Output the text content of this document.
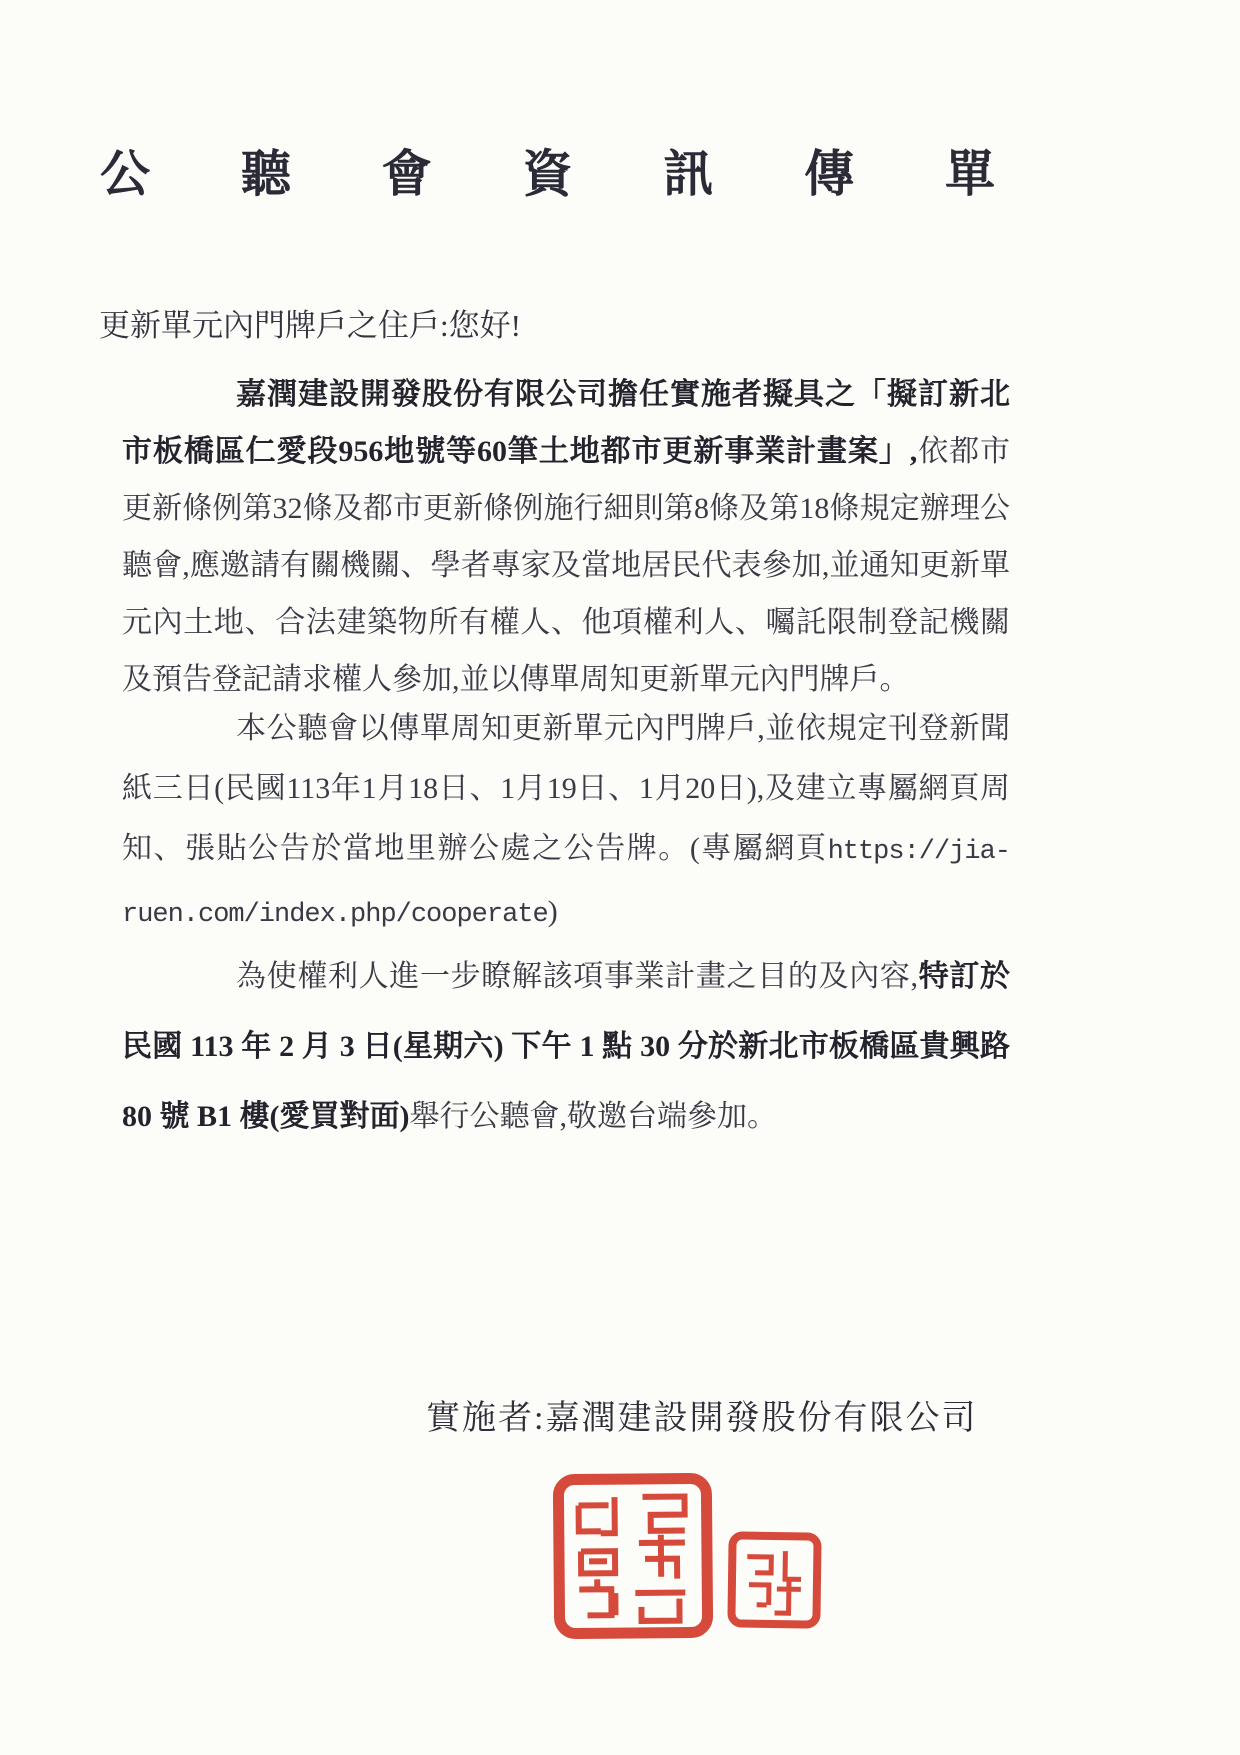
公 聽 會 資 訊 傳 單
更新單元內門牌戶之住戶:您好!

嘉潤建設開發股份有限公司擔任實施者擬具之「擬訂新北市板橋區仁愛段956地號等60筆土地都市更新事業計畫案」,依都市更新條例第32條及都市更新條例施行細則第8條及第18條規定辦理公聽會,應邀請有關機關、學者專家及當地居民代表參加,並通知更新單元內土地、合法建築物所有權人、他項權利人、囑託限制登記機關及預告登記請求權人參加,並以傳單周知更新單元內門牌戶。

本公聽會以傳單周知更新單元內門牌戶,並依規定刊登新聞紙三日(民國113年1月18日、1月19日、1月20日),及建立專屬網頁周知、張貼公告於當地里辦公處之公告牌。(專屬網頁https://jia-ruen.com/index.php/cooperate)

為使權利人進一步瞭解該項事業計畫之目的及內容,特訂於民國 113 年 2 月 3 日(星期六) 下午 1 點 30 分於新北市板橋區貴興路 80 號 B1 樓(愛買對面)舉行公聽會,敬邀台端參加。

實施者:嘉潤建設開發股份有限公司
